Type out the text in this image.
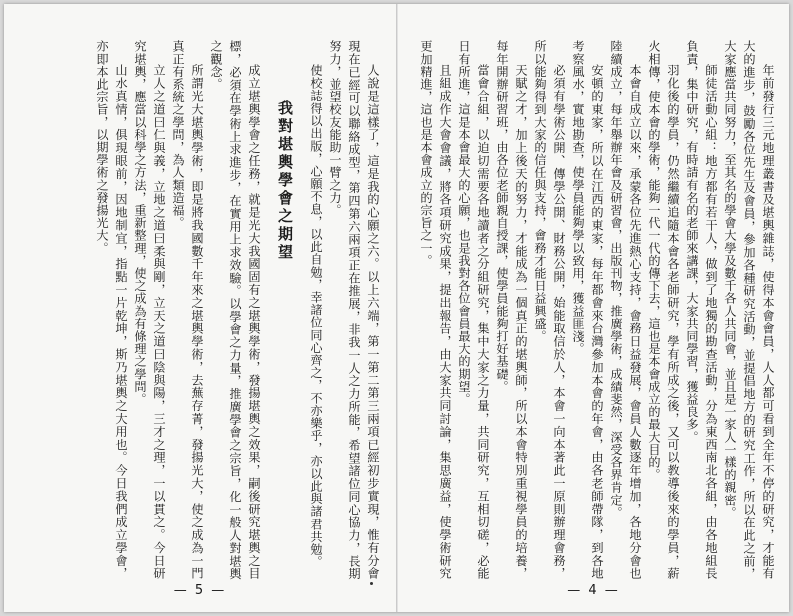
人說是這樣了，這是我的心願之六。以上六端，第一第二第三兩項已經初步實現，惟有分會現在已經可以聯絡成型，第四第六兩項正在推展，非我一人之力所能，希望諸位同心協力，長期努力，並望校友能助一臂之力。

使校誌得以出版，心願不息，以此自勉，幸諸位同心齊之，不亦樂乎，亦以此與諸君共勉。

我對堪輿學會之期望

成立堪輿學會之任務，就是光大我國固有之堪輿學術，發揚堪輿之效果，嗣後研究堪輿之目標，必須在學術上求進步，在實用上求效驗。以學會之力量，推廣學會之宗旨，化一般人對堪輿之觀念。

所謂光大堪輿學術，即是將我國數千年來之堪輿學術，去蕪存菁，發揚光大，使之成為一門真正有系統之學問，為人類造福。

立人之道曰仁與義，立地之道曰柔與剛，立天之道曰陰與陽，三才之理，一以貫之。今日研究堪輿，應當以科學之方法，重新整理，使之成為有條理之學問。

山水真情，俱現眼前，因地制宜，指點一片乾坤，斯乃堪輿之大用也。今日我們成立學會，亦即本此宗旨，以期學術之發揚光大。

— 5 —

年前發行三元地理叢書及堪輿雜誌，使得本會會員，人人都可看到全年不停的研究，才能有大的進步，鼓勵各位先生及會員，參加各種研究活動，並提倡地方的研究工作，所以在此之前，大家應當共同努力，至其名的學會大學及數千各人共同會，並且是一家人一樣的親密。

師徒活動心組：地方都有若干人，做到了地獨的勘查活動，分為東西南北各組，由各地組長負責，集中研究，有時請有名的老師來講課，大家共同學習，獲益良多。

羽化後的學員，仍然繼續追隨本會各老師研究，學有所成之後，又可以教導後來的學員，薪火相傳，使本會的學術，能夠一代一代的傳下去，這也是本會成立的最大目的。

本會自成立以來，承蒙各位先進熱心支持，會務日益發展，會員人數逐年增加，各地分會也陸續成立，每年舉辦年會及研習會，出版刊物，推廣學術，成績斐然，深受各界肯定。

安頓的東家，所以在江西的東家，每年都會來台灣參加本會的年會，由各老師帶隊，到各地考察風水，實地勘查，使學員能夠學以致用，獲益匪淺。

必須有學術公開、傳學公開、財務公開，始能取信於人，本會一向本著此一原則辦理會務，所以能夠得到大家的信任與支持，會務才能日益興盛。

天賦之才，加上後天的努力，才能成為一個真正的堪輿師，所以本會特別重視學員的培養，每年開辦研習班，由各位老師親自授課，使學員能夠打好基礎。

當會合組，以迫切需要各地讀者之分組研究，集中大家之力量，共同研究，互相切磋，必能日有所進，這是本會最大的心願，也是我對各位會員最大的期望。

且組成作大會會議，將各項研究成果，提出報告，由大家共同討論，集思廣益，使學術研究更加精進，這也是本會成立的宗旨之一。

— 4 —
